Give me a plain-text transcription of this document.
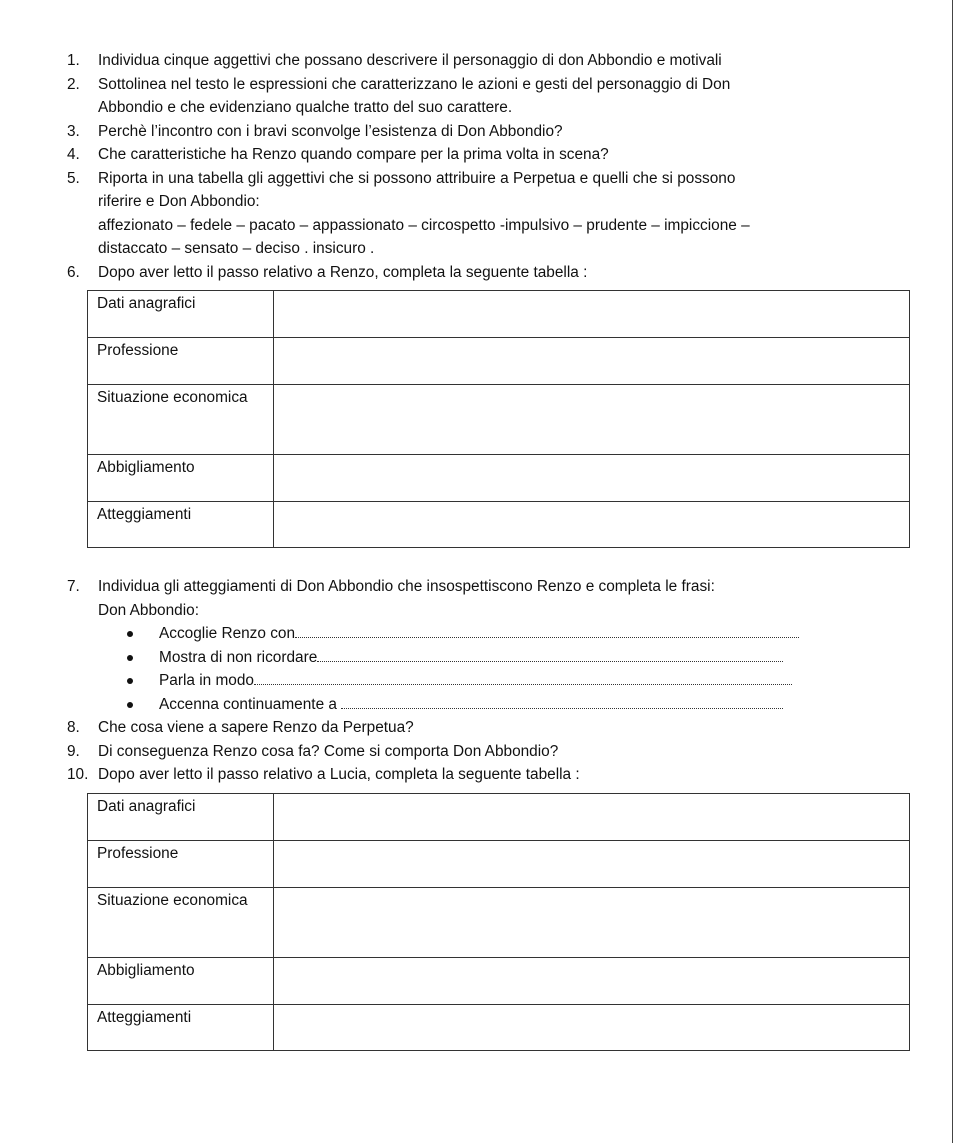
1. Individua cinque aggettivi che possano descrivere il personaggio di don Abbondio e motivali
2. Sottolinea nel testo le espressioni che caratterizzano le azioni e gesti del personaggio di Don
Abbondio e che evidenziano qualche tratto del suo carattere.
3. Perchè l’incontro con i bravi sconvolge l’esistenza di Don Abbondio?
4. Che caratteristiche ha Renzo quando compare per la prima volta in scena?
5. Riporta in una tabella gli aggettivi che si possono attribuire a Perpetua e quelli che si possono
riferire e Don Abbondio:
affezionato – fedele – pacato – appassionato – circospetto -impulsivo – prudente – impiccione –
distaccato – sensato – deciso . insicuro .
6. Dopo aver letto il passo relativo a Renzo, completa la seguente tabella :
Dati anagrafici	
Professione	
Situazione economica	
Abbigliamento	
Atteggiamenti	
7. Individua gli atteggiamenti di Don Abbondio che insospettiscono Renzo e completa le frasi:
Don Abbondio:
Accoglie Renzo con
Mostra di non ricordare
Parla in modo
Accenna continuamente a
8. Che cosa viene a sapere Renzo da Perpetua?
9. Di conseguenza Renzo cosa fa? Come si comporta Don Abbondio?
10. Dopo aver letto il passo relativo a Lucia, completa la seguente tabella :
Dati anagrafici	
Professione	
Situazione economica	
Abbigliamento	
Atteggiamenti	
